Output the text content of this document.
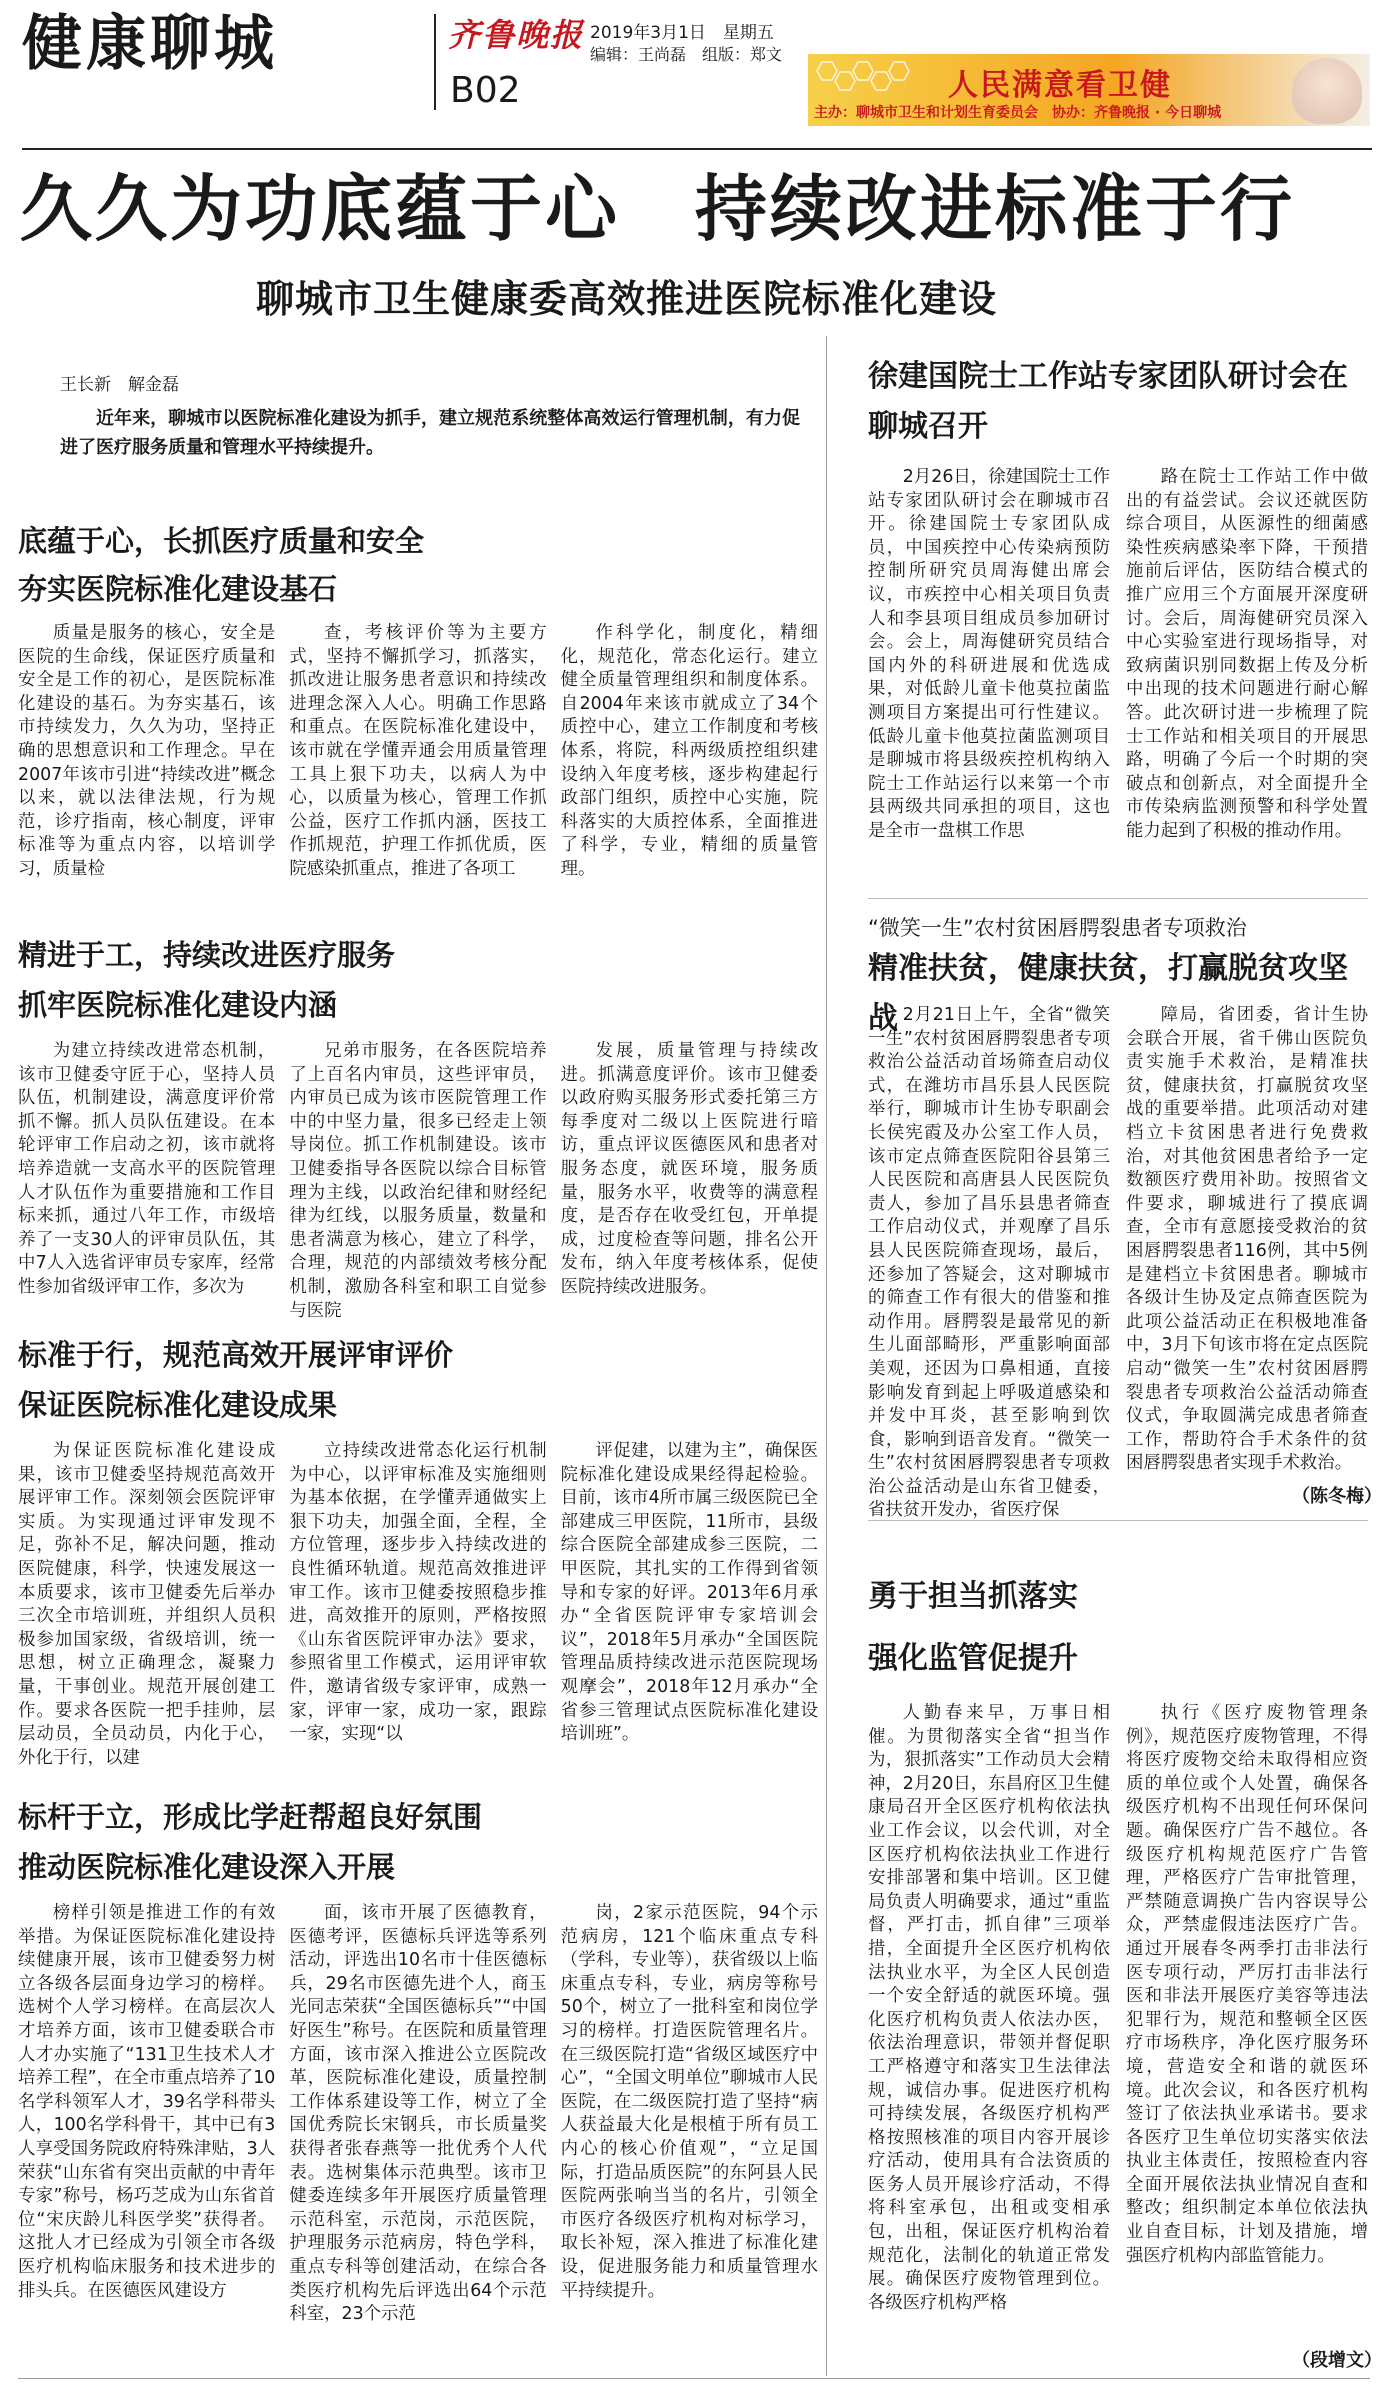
健康聊城	齐鲁晚报 2019年3月1日　星期五
编辑：王尚磊　组版：郑文
B02	人民满意看卫健
主办：聊城市卫生和计划生育委员会　协办：齐鲁晚报 · 今日聊城
久久为功底蕴于心　持续改进标准于行
聊城市卫生健康委高效推进医院标准化建设
王长新　解金磊
近年来，聊城市以医院标准化建设为抓手，建立规范系统整体高效运行管理机制，有力促进了医疗服务质量和管理水平持续提升。
底蕴于心，长抓医疗质量和安全
夯实医院标准化建设基石
质量是服务的核心，安全是医院的生命线，保证医疗质量和安全是工作的初心，是医院标准化建设的基石。为夯实基石，该市持续发力，久久为功，坚持正确的思想意识和工作理念。早在2007年该市引进“持续改进”概念以来，就以法律法规，行为规范，诊疗指南，核心制度，评审标准等为重点内容，以培训学习，质量检
查，考核评价等为主要方式，坚持不懈抓学习，抓落实，抓改进让服务患者意识和持续改进理念深入人心。明确工作思路和重点。在医院标准化建设中，该市就在学懂弄通会用质量管理工具上狠下功夫，以病人为中心，以质量为核心，管理工作抓公益，医疗工作抓内涵，医技工作抓规范，护理工作抓优质，医院感染抓重点，推进了各项工
作科学化，制度化，精细化，规范化，常态化运行。建立健全质量管理组织和制度体系。自2004年来该市就成立了34个质控中心，建立工作制度和考核体系，将院，科两级质控组织建设纳入年度考核，逐步构建起行政部门组织，质控中心实施，院科落实的大质控体系，全面推进了科学，专业，精细的质量管理。
精进于工，持续改进医疗服务
抓牢医院标准化建设内涵
为建立持续改进常态机制，该市卫健委守匠于心，坚持人员队伍，机制建设，满意度评价常抓不懈。抓人员队伍建设。在本轮评审工作启动之初，该市就将培养造就一支高水平的医院管理人才队伍作为重要措施和工作目标来抓，通过八年工作，市级培养了一支30人的评审员队伍，其中7人入选省评审员专家库，经常性参加省级评审工作，多次为
兄弟市服务，在各医院培养了上百名内审员，这些评审员，内审员已成为该市医院管理工作中的中坚力量，很多已经走上领导岗位。抓工作机制建设。该市卫健委指导各医院以综合目标管理为主线，以政治纪律和财经纪律为红线，以服务质量，数量和患者满意为核心，建立了科学，合理，规范的内部绩效考核分配机制，激励各科室和职工自觉参与医院
发展，质量管理与持续改进。抓满意度评价。该市卫健委以政府购买服务形式委托第三方每季度对二级以上医院进行暗访，重点评议医德医风和患者对服务态度，就医环境，服务质量，服务水平，收费等的满意程度，是否存在收受红包，开单提成，过度检查等问题，排名公开发布，纳入年度考核体系，促使医院持续改进服务。
标准于行，规范高效开展评审评价
保证医院标准化建设成果
为保证医院标准化建设成果，该市卫健委坚持规范高效开展评审工作。深刻领会医院评审实质。为实现通过评审发现不足，弥补不足，解决问题，推动医院健康，科学，快速发展这一本质要求，该市卫健委先后举办三次全市培训班，并组织人员积极参加国家级，省级培训，统一思想，树立正确理念，凝聚力量，干事创业。规范开展创建工作。要求各医院一把手挂帅，层层动员，全员动员，内化于心，外化于行，以建
立持续改进常态化运行机制为中心，以评审标准及实施细则为基本依据，在学懂弄通做实上狠下功夫，加强全面，全程，全方位管理，逐步步入持续改进的良性循环轨道。规范高效推进评审工作。该市卫健委按照稳步推进，高效推开的原则，严格按照《山东省医院评审办法》要求，参照省里工作模式，运用评审软件，邀请省级专家评审，成熟一家，评审一家，成功一家，跟踪一家，实现“以
评促建，以建为主”，确保医院标准化建设成果经得起检验。目前，该市4所市属三级医院已全部建成三甲医院，11所市，县级综合医院全部建成参三医院，二甲医院，其扎实的工作得到省领导和专家的好评。2013年6月承办“全省医院评审专家培训会议”，2018年5月承办“全国医院管理品质持续改进示范医院现场观摩会”，2018年12月承办“全省参三管理试点医院标准化建设培训班”。
标杆于立，形成比学赶帮超良好氛围
推动医院标准化建设深入开展
榜样引领是推进工作的有效举措。为保证医院标准化建设持续健康开展，该市卫健委努力树立各级各层面身边学习的榜样。选树个人学习榜样。在高层次人才培养方面，该市卫健委联合市人才办实施了“131卫生技术人才培养工程”，在全市重点培养了10名学科领军人才，39名学科带头人，100名学科骨干，其中已有3人享受国务院政府特殊津贴，3人荣获“山东省有突出贡献的中青年专家”称号，杨巧芝成为山东省首位“宋庆龄儿科医学奖”获得者。这批人才已经成为引领全市各级医疗机构临床服务和技术进步的排头兵。在医德医风建设方
面，该市开展了医德教育，医德考评，医德标兵评选等系列活动，评选出10名市十佳医德标兵，29名市医德先进个人，商玉光同志荣获“全国医德标兵”“中国好医生”称号。在医院和质量管理方面，该市深入推进公立医院改革，医院标准化建设，质量控制工作体系建设等工作，树立了全国优秀院长宋钢兵，市长质量奖获得者张春燕等一批优秀个人代表。选树集体示范典型。该市卫健委连续多年开展医疗质量管理示范科室，示范岗，示范医院，护理服务示范病房，特色学科，重点专科等创建活动，在综合各类医疗机构先后评选出64个示范科室，23个示范
岗，2家示范医院，94个示范病房，121个临床重点专科（学科，专业等），获省级以上临床重点专科，专业，病房等称号50个，树立了一批科室和岗位学习的榜样。打造医院管理名片。在三级医院打造“省级区域医疗中心”，“全国文明单位”聊城市人民医院，在二级医院打造了坚持“病人获益最大化是根植于所有员工内心的核心价值观”，“立足国际，打造品质医院”的东阿县人民医院两张响当当的名片，引领全市医疗各级医疗机构对标学习，取长补短，深入推进了标准化建设，促进服务能力和质量管理水平持续提升。
徐建国院士工作站专家团队研讨会在聊城召开
2月26日，徐建国院士工作站专家团队研讨会在聊城市召开。徐建国院士专家团队成员，中国疾控中心传染病预防控制所研究员周海健出席会议，市疾控中心相关项目负责人和李县项目组成员参加研讨会。会上，周海健研究员结合国内外的科研进展和优选成果，对低龄儿童卡他莫拉菌监测项目方案提出可行性建议。低龄儿童卡他莫拉菌监测项目是聊城市将县级疾控机构纳入院士工作站运行以来第一个市县两级共同承担的项目，这也是全市一盘棋工作思
路在院士工作站工作中做出的有益尝试。会议还就医防综合项目，从医源性的细菌感染性疾病感染率下降，干预措施前后评估，医防结合模式的推广应用三个方面展开深度研讨。会后，周海健研究员深入中心实验室进行现场指导，对致病菌识别同数据上传及分析中出现的技术问题进行耐心解答。此次研讨进一步梳理了院士工作站和相关项目的开展思路，明确了今后一个时期的突破点和创新点，对全面提升全市传染病监测预警和科学处置能力起到了积极的推动作用。
“微笑一生”农村贫困唇腭裂患者专项救治
精准扶贫，健康扶贫，打赢脱贫攻坚战 2月21日上午，全省“微笑一生”农村贫困唇腭裂患者专项救治公益活动首场筛查启动仪式，在潍坊市昌乐县人民医院举行，聊城市计生协专职副会长侯宪霞及办公室工作人员，该市定点筛查医院阳谷县第三人民医院和高唐县人民医院负责人，参加了昌乐县患者筛查工作启动仪式，并观摩了昌乐县人民医院筛查现场，最后，还参加了答疑会，这对聊城市的筛查工作有很大的借鉴和推动作用。唇腭裂是最常见的新生儿面部畸形，严重影响面部美观，还因为口鼻相通，直接影响发育到起上呼吸道感染和并发中耳炎，甚至影响到饮食，影响到语音发育。“微笑一生”农村贫困唇腭裂患者专项救治公益活动是山东省卫健委，省扶贫开发办，省医疗保
障局，省团委，省计生协会联合开展，省千佛山医院负责实施手术救治，是精准扶贫，健康扶贫，打赢脱贫攻坚战的重要举措。此项活动对建档立卡贫困患者进行免费救治，对其他贫困患者给予一定数额医疗费用补助。按照省文件要求，聊城进行了摸底调查，全市有意愿接受救治的贫困唇腭裂患者116例，其中5例是建档立卡贫困患者。聊城市各级计生协及定点筛查医院为此项公益活动正在积极地准备中，3月下旬该市将在定点医院启动“微笑一生”农村贫困唇腭裂患者专项救治公益活动筛查仪式，争取圆满完成患者筛查工作，帮助符合手术条件的贫困唇腭裂患者实现手术救治。
（陈冬梅）
勇于担当抓落实
强化监管促提升
人勤春来早，万事日相催。为贯彻落实全省“担当作为，狠抓落实”工作动员大会精神，2月20日，东昌府区卫生健康局召开全区医疗机构依法执业工作会议，以会代训，对全区医疗机构依法执业工作进行安排部署和集中培训。区卫健局负责人明确要求，通过“重监督，严打击，抓自律”三项举措，全面提升全区医疗机构依法执业水平，为全区人民创造一个安全舒适的就医环境。强化医疗机构负责人依法办医，依法治理意识，带领并督促职工严格遵守和落实卫生法律法规，诚信办事。促进医疗机构可持续发展，各级医疗机构严格按照核准的项目内容开展诊疗活动，使用具有合法资质的医务人员开展诊疗活动，不得将科室承包，出租或变相承包，出租，保证医疗机构治着规范化，法制化的轨道正常发展。确保医疗废物管理到位。各级医疗机构严格
执行《医疗废物管理条例》，规范医疗废物管理，不得将医疗废物交给未取得相应资质的单位或个人处置，确保各级医疗机构不出现任何环保问题。确保医疗广告不越位。各级医疗机构规范医疗广告管理，严格医疗广告审批管理，严禁随意调换广告内容误导公众，严禁虚假违法医疗广告。通过开展春冬两季打击非法行医专项行动，严厉打击非法行医和非法开展医疗美容等违法犯罪行为，规范和整顿全区医疗市场秩序，净化医疗服务环境，营造安全和谐的就医环境。此次会议，和各医疗机构签订了依法执业承诺书。要求各医疗卫生单位切实落实依法执业主体责任，按照检查内容全面开展依法执业情况自查和整改；组织制定本单位依法执业自查目标，计划及措施，增强医疗机构内部监管能力。
（段增文）
